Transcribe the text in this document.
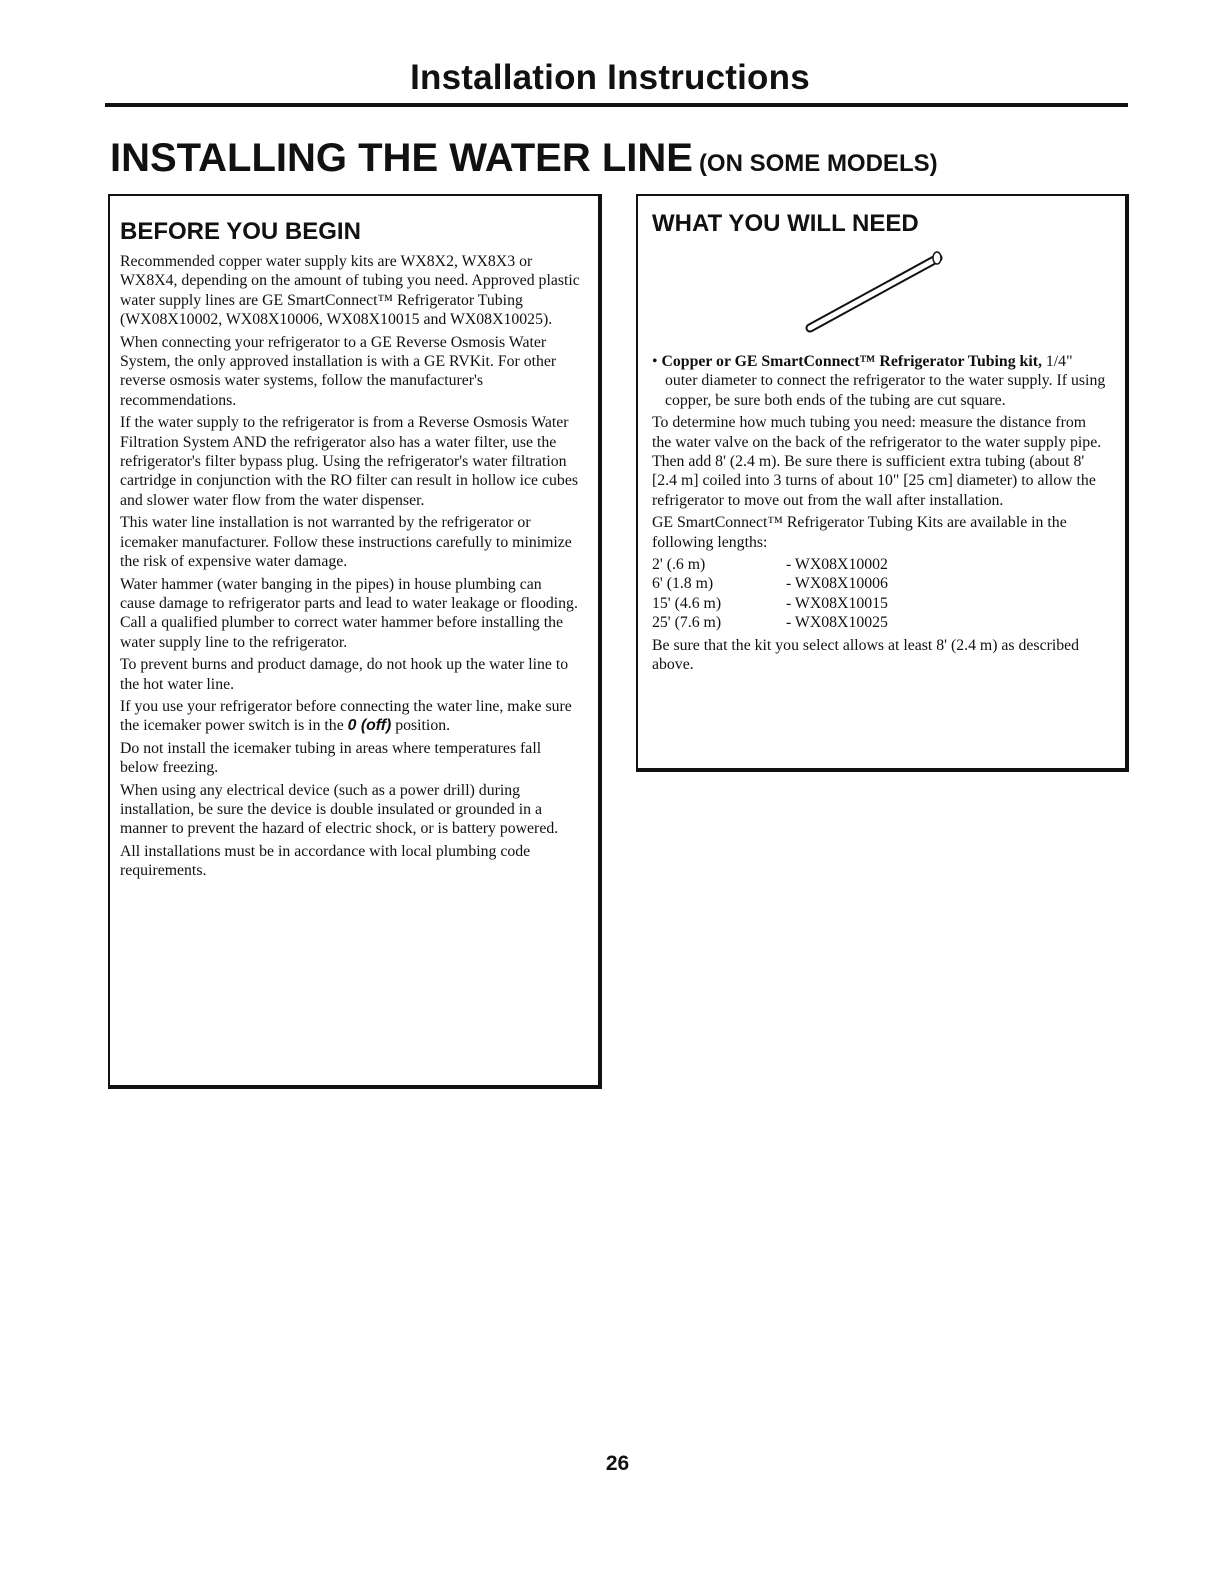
Installation Instructions
INSTALLING THE WATER LINE (ON SOME MODELS)
BEFORE YOU BEGIN

Recommended copper water supply kits are WX8X2, WX8X3 or WX8X4, depending on the amount of tubing you need. Approved plastic water supply lines are GE SmartConnect™ Refrigerator Tubing (WX08X10002, WX08X10006, WX08X10015 and WX08X10025).

When connecting your refrigerator to a GE Reverse Osmosis Water System, the only approved installation is with a GE RVKit. For other reverse osmosis water systems, follow the manufacturer's recommendations.

If the water supply to the refrigerator is from a Reverse Osmosis Water Filtration System AND the refrigerator also has a water filter, use the refrigerator's filter bypass plug. Using the refrigerator's water filtration cartridge in conjunction with the RO filter can result in hollow ice cubes and slower water flow from the water dispenser.

This water line installation is not warranted by the refrigerator or icemaker manufacturer. Follow these instructions carefully to minimize the risk of expensive water damage.

Water hammer (water banging in the pipes) in house plumbing can cause damage to refrigerator parts and lead to water leakage or flooding. Call a qualified plumber to correct water hammer before installing the water supply line to the refrigerator.

To prevent burns and product damage, do not hook up the water line to the hot water line.

If you use your refrigerator before connecting the water line, make sure the icemaker power switch is in the 0 (off) position.

Do not install the icemaker tubing in areas where temperatures fall below freezing.

When using any electrical device (such as a power drill) during installation, be sure the device is double insulated or grounded in a manner to prevent the hazard of electric shock, or is battery powered.

All installations must be in accordance with local plumbing code requirements.

WHAT YOU WILL NEED

• Copper or GE SmartConnect™ Refrigerator Tubing kit, 1/4" outer diameter to connect the refrigerator to the water supply. If using copper, be sure both ends of the tubing are cut square.

To determine how much tubing you need: measure the distance from the water valve on the back of the refrigerator to the water supply pipe. Then add 8' (2.4 m). Be sure there is sufficient extra tubing (about 8' [2.4 m] coiled into 3 turns of about 10" [25 cm] diameter) to allow the refrigerator to move out from the wall after installation.

GE SmartConnect™ Refrigerator Tubing Kits are available in the following lengths:

2' (.6 m)	- WX08X10002
6' (1.8 m)	- WX08X10006
15' (4.6 m)	- WX08X10015
25' (7.6 m)	- WX08X10025

Be sure that the kit you select allows at least 8' (2.4 m) as described above.

26
